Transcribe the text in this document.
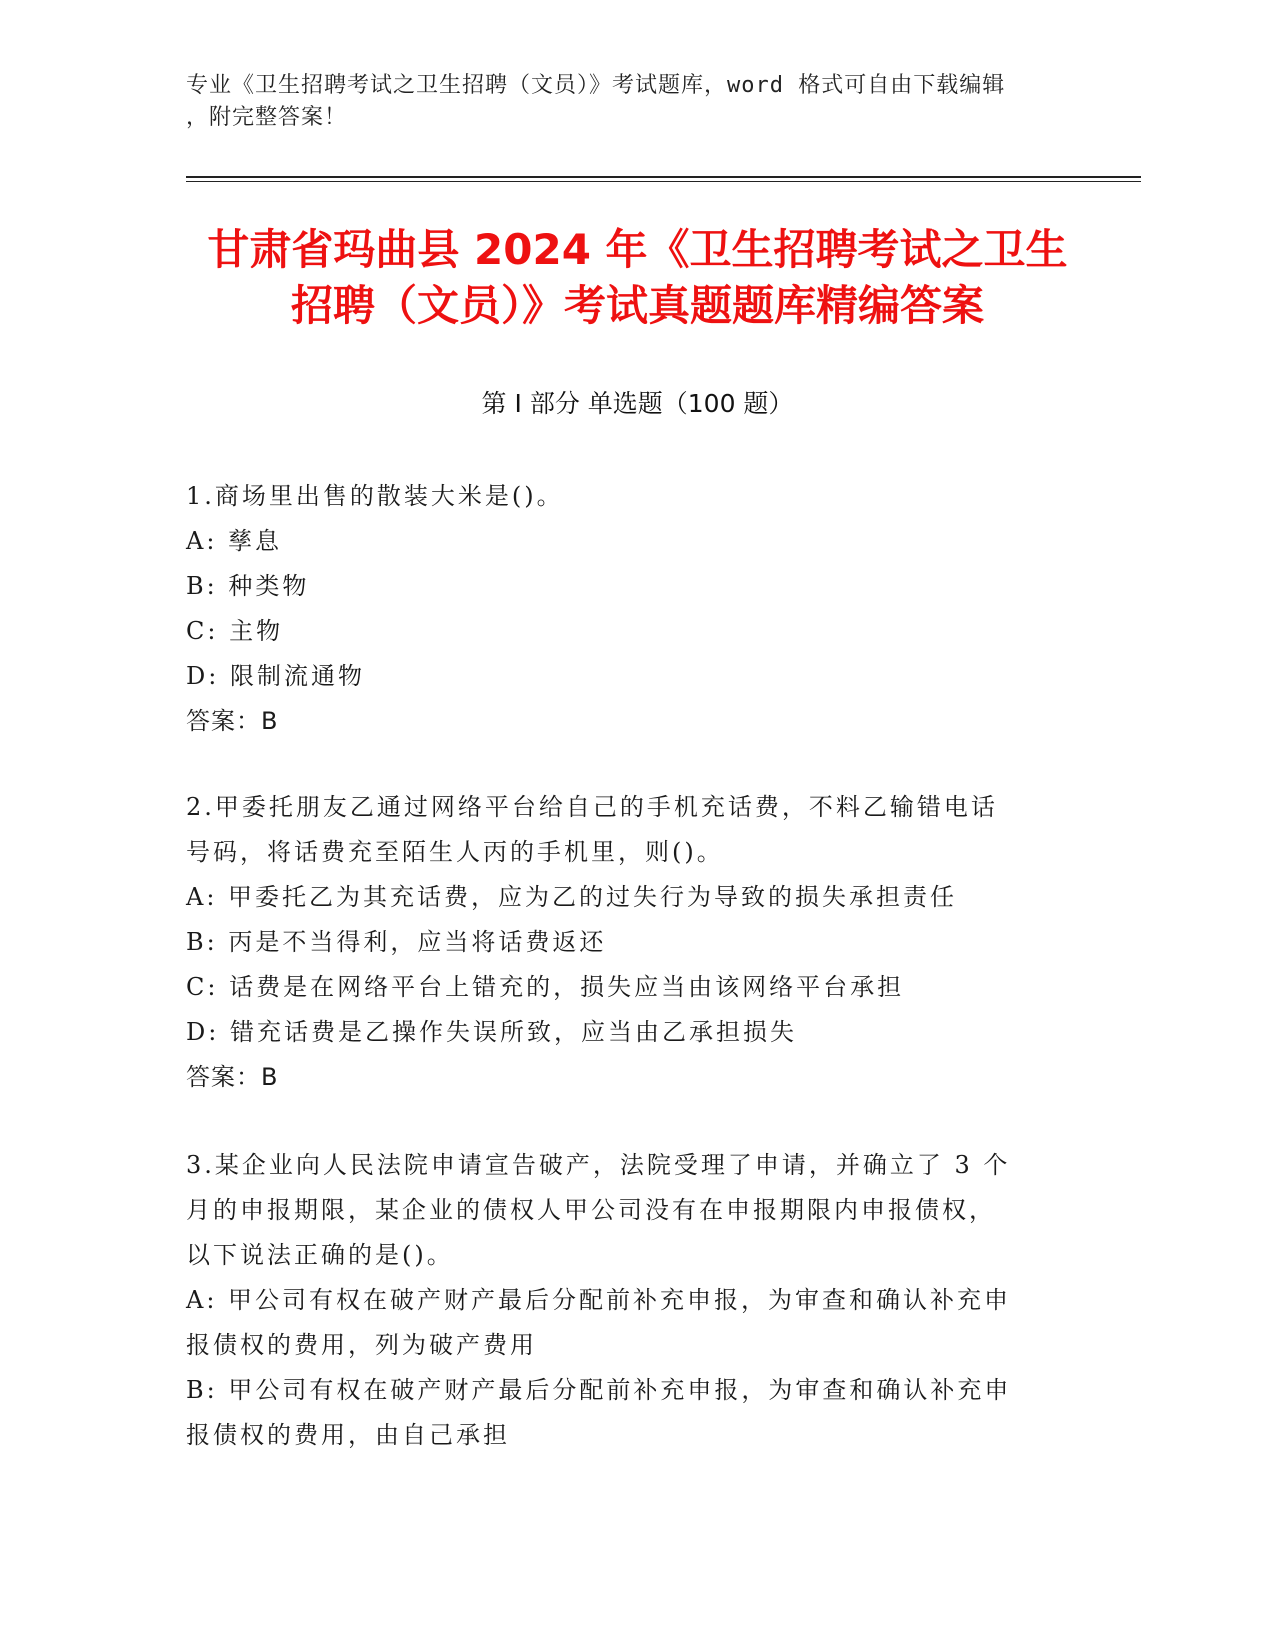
专业《卫生招聘考试之卫生招聘（文员）》考试题库，word 格式可自由下载编辑
，附完整答案！
甘肃省玛曲县 2024 年《卫生招聘考试之卫生
招聘（文员）》考试真题题库精编答案
第 I 部分 单选题（100 题）
1.商场里出售的散装大米是()。
A: 孳息
B: 种类物
C: 主物
D: 限制流通物
答案：B
2.甲委托朋友乙通过网络平台给自己的手机充话费，不料乙输错电话
号码，将话费充至陌生人丙的手机里，则()。
A: 甲委托乙为其充话费，应为乙的过失行为导致的损失承担责任
B: 丙是不当得利，应当将话费返还
C: 话费是在网络平台上错充的，损失应当由该网络平台承担
D: 错充话费是乙操作失误所致，应当由乙承担损失
答案：B
3.某企业向人民法院申请宣告破产，法院受理了申请，并确立了 3 个
月的申报期限，某企业的债权人甲公司没有在申报期限内申报债权，
以下说法正确的是()。
A: 甲公司有权在破产财产最后分配前补充申报，为审查和确认补充申
报债权的费用，列为破产费用
B: 甲公司有权在破产财产最后分配前补充申报，为审查和确认补充申
报债权的费用，由自己承担
